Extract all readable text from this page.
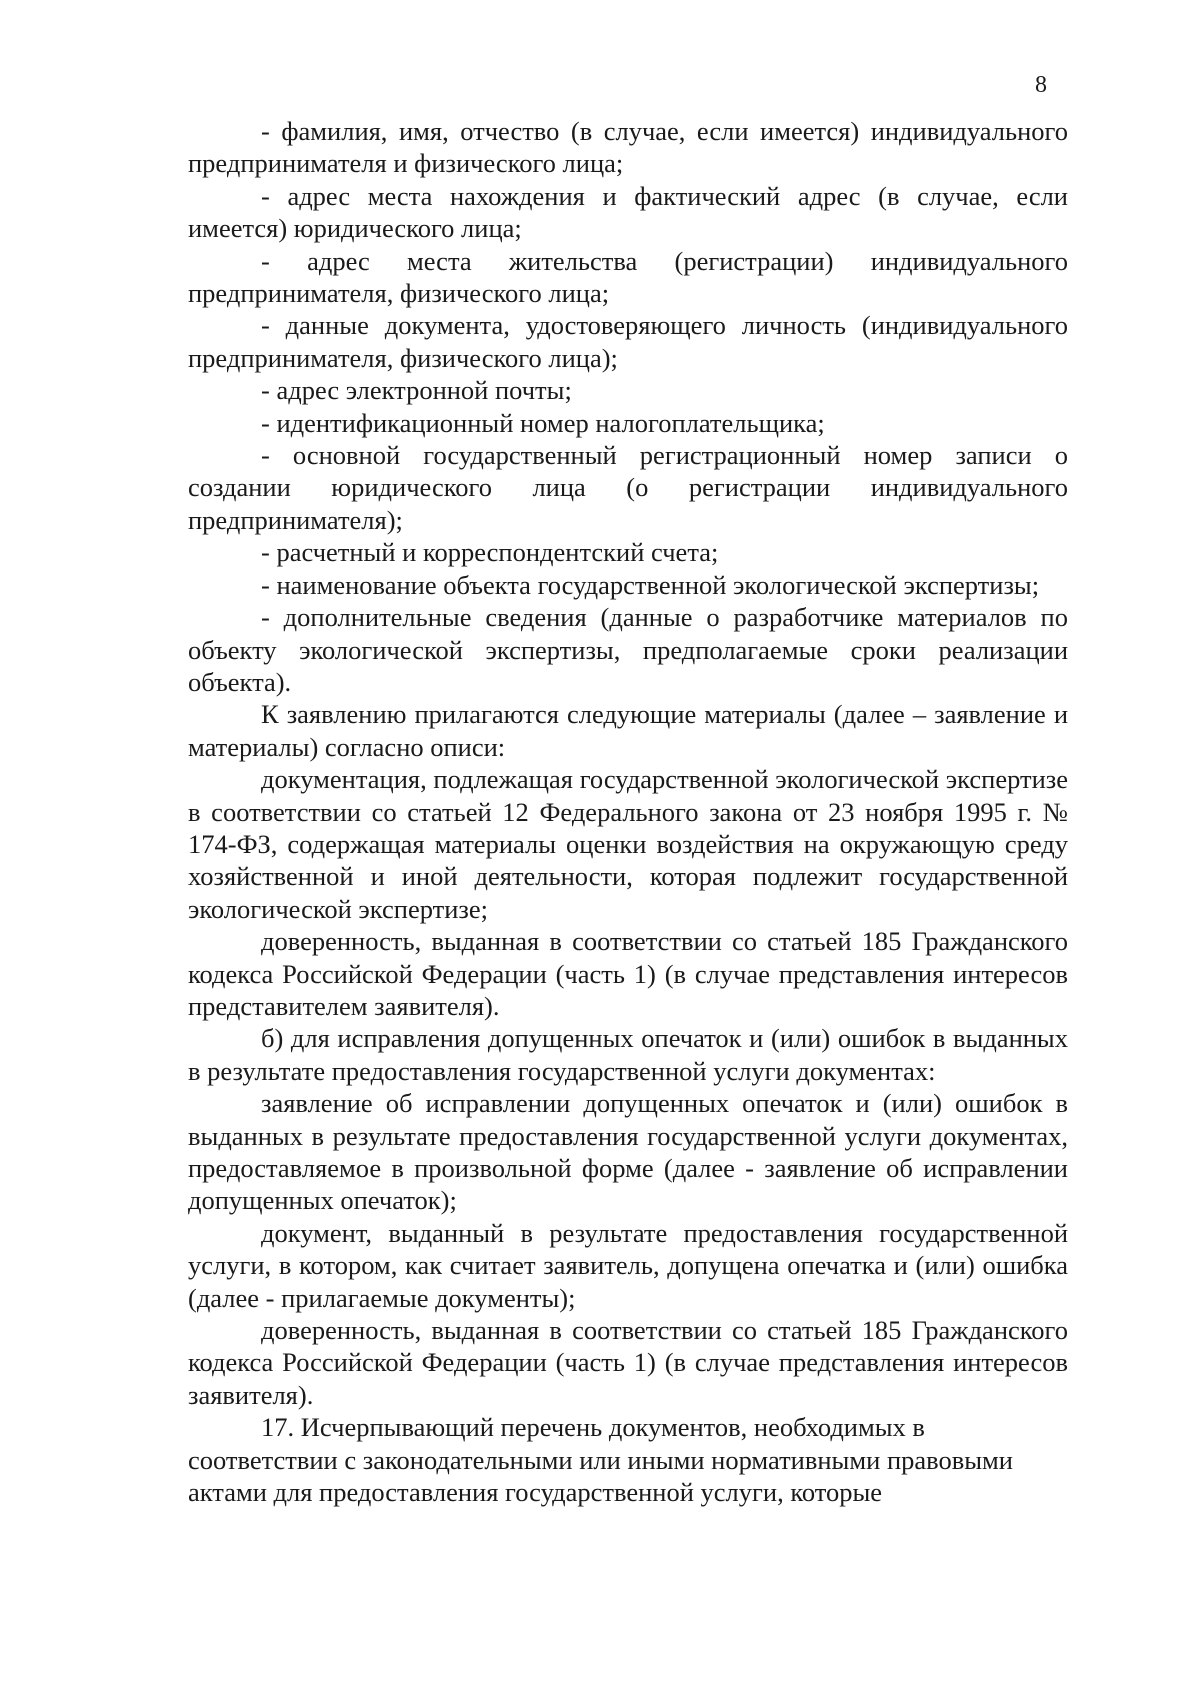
8

- фамилия, имя, отчество (в случае, если имеется) индивидуального предпринимателя и физического лица;

- адрес места нахождения и фактический адрес (в случае, если имеется) юридического лица;

- адрес места жительства (регистрации) индивидуального предпринимателя, физического лица;

- данные документа, удостоверяющего личность (индивидуального предпринимателя, физического лица);

- адрес электронной почты;

- идентификационный номер налогоплательщика;

- основной государственный регистрационный номер записи о создании юридического лица (о регистрации индивидуального предпринимателя);

- расчетный и корреспондентский счета;

- наименование объекта государственной экологической экспертизы;

- дополнительные сведения (данные о разработчике материалов по объекту экологической экспертизы, предполагаемые сроки реализации объекта).

К заявлению прилагаются следующие материалы (далее – заявление и материалы) согласно описи:

документация, подлежащая государственной экологической экспертизе в соответствии со статьей 12 Федерального закона от 23 ноября 1995 г. № 174-ФЗ, содержащая материалы оценки воздействия на окружающую среду хозяйственной и иной деятельности, которая подлежит государственной экологической экспертизе;

доверенность, выданная в соответствии со статьей 185 Гражданского кодекса Российской Федерации (часть 1) (в случае представления интересов представителем заявителя).

б) для исправления допущенных опечаток и (или) ошибок в выданных в результате предоставления государственной услуги документах:

заявление об исправлении допущенных опечаток и (или) ошибок в выданных в результате предоставления государственной услуги документах, предоставляемое в произвольной форме (далее - заявление об исправлении допущенных опечаток);

документ, выданный в результате предоставления государственной услуги, в котором, как считает заявитель, допущена опечатка и (или) ошибка (далее - прилагаемые документы);

доверенность, выданная в соответствии со статьей 185 Гражданского кодекса Российской Федерации (часть 1) (в случае представления интересов заявителя).

17. Исчерпывающий перечень документов, необходимых в соответствии с законодательными или иными нормативными правовыми актами для предоставления государственной услуги, которые
